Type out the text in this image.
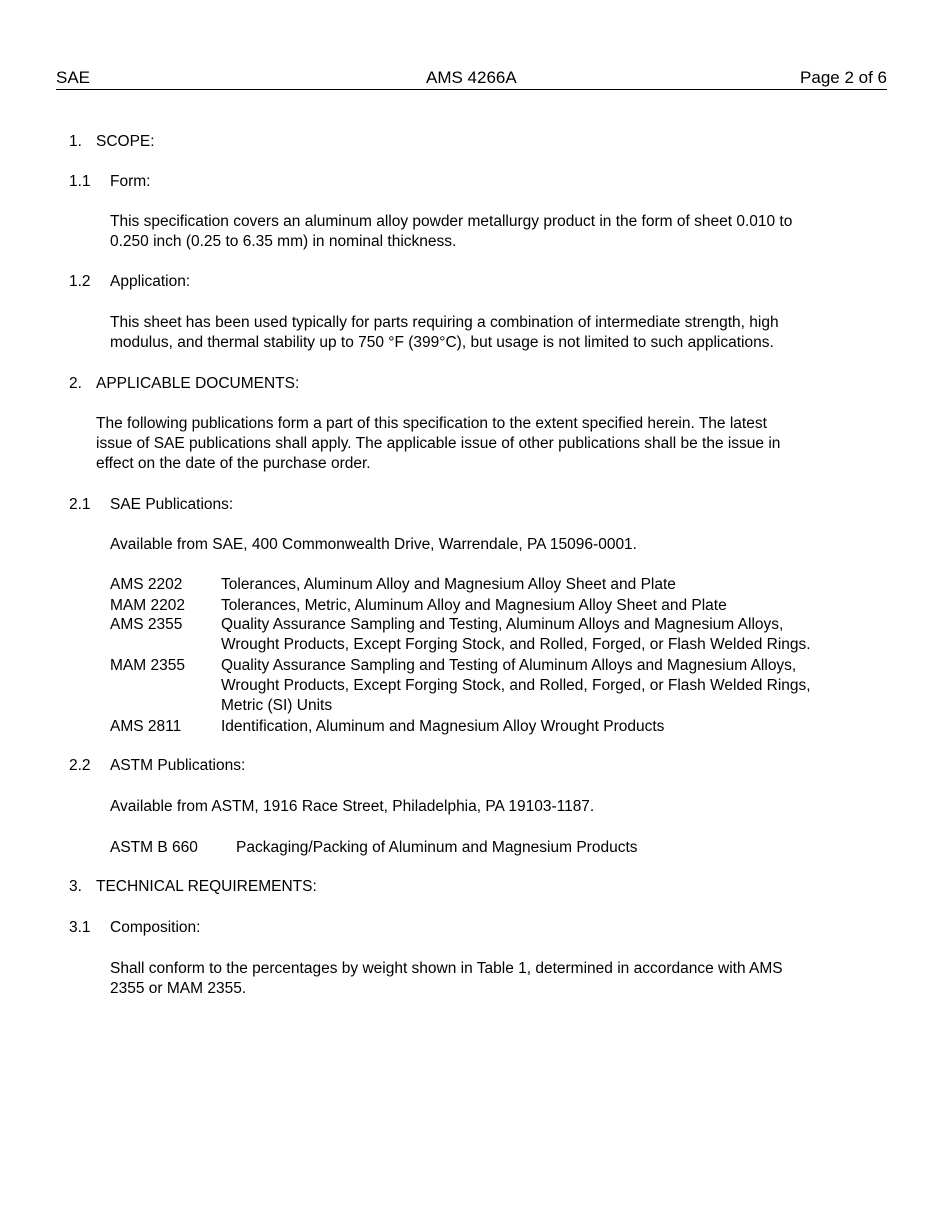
SAE	AMS 4266A	Page 2 of 6
1. SCOPE:
1.1 Form:
This specification covers an aluminum alloy powder metallurgy product in the form of sheet 0.010 to
0.250 inch (0.25 to 6.35 mm) in nominal thickness.
1.2 Application:
This sheet has been used typically for parts requiring a combination of intermediate strength, high
modulus, and thermal stability up to 750 °F (399°C), but usage is not limited to such applications.
2. APPLICABLE DOCUMENTS:
The following publications form a part of this specification to the extent specified herein. The latest
issue of SAE publications shall apply. The applicable issue of other publications shall be the issue in
effect on the date of the purchase order.
2.1 SAE Publications:
Available from SAE, 400 Commonwealth Drive, Warrendale, PA 15096-0001.
AMS 2202 Tolerances, Aluminum Alloy and Magnesium Alloy Sheet and Plate
MAM 2202 Tolerances, Metric, Aluminum Alloy and Magnesium Alloy Sheet and Plate
AMS 2355 Quality Assurance Sampling and Testing, Aluminum Alloys and Magnesium Alloys,
Wrought Products, Except Forging Stock, and Rolled, Forged, or Flash Welded Rings.
MAM 2355 Quality Assurance Sampling and Testing of Aluminum Alloys and Magnesium Alloys,
Wrought Products, Except Forging Stock, and Rolled, Forged, or Flash Welded Rings,
Metric (SI) Units
AMS 2811	Identification, Aluminum and Magnesium Alloy Wrought Products
2.2 ASTM Publications:
Available from ASTM, 1916 Race Street, Philadelphia, PA 19103-1187.
ASTM B 660 Packaging/Packing of Aluminum and Magnesium Products
3. TECHNICAL REQUIREMENTS:
3.1 Composition:
Shall conform to the percentages by weight shown in Table 1, determined in accordance with AMS
2355 or MAM 2355.
